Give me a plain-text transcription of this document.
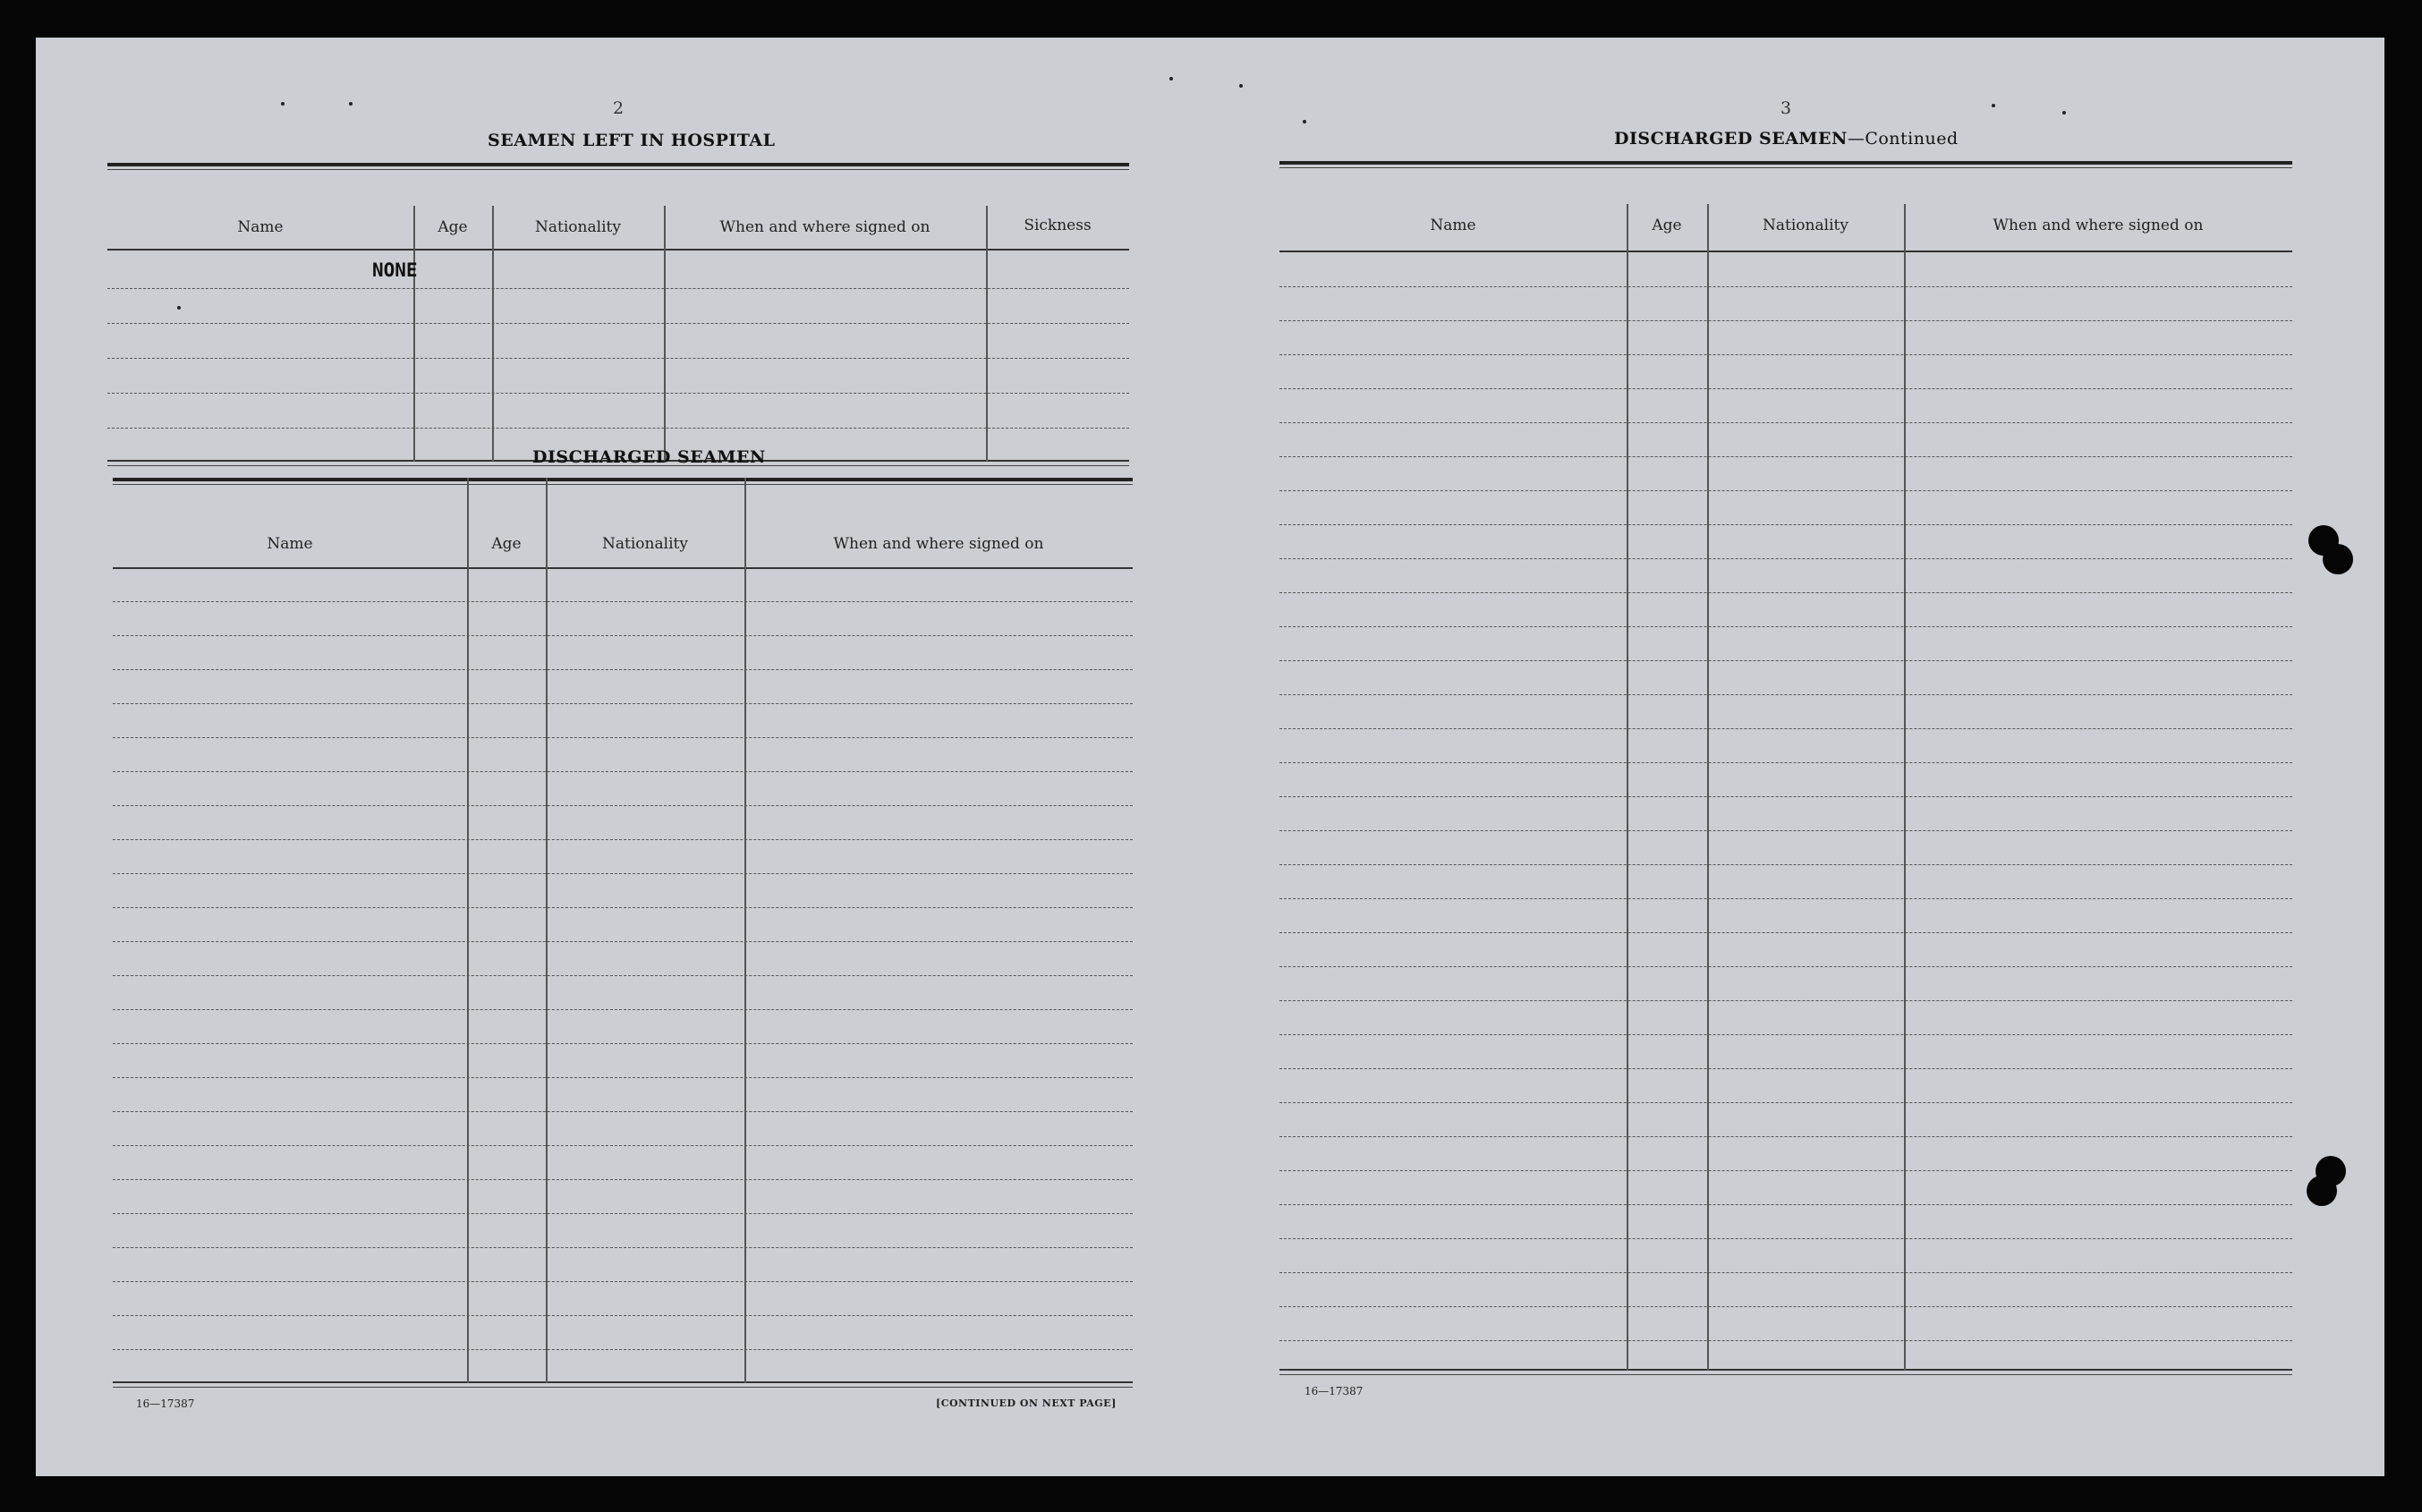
2
SEAMEN LEFT IN HOSPITAL
Name	Age	Nationality	When and where signed on	Sickness
NONE
DISCHARGED SEAMEN
Name	Age	Nationality	When and where signed on
16—17387	[CONTINUED ON NEXT PAGE]
3
DISCHARGED SEAMEN—Continued
Name	Age	Nationality	When and where signed on
16—17387
